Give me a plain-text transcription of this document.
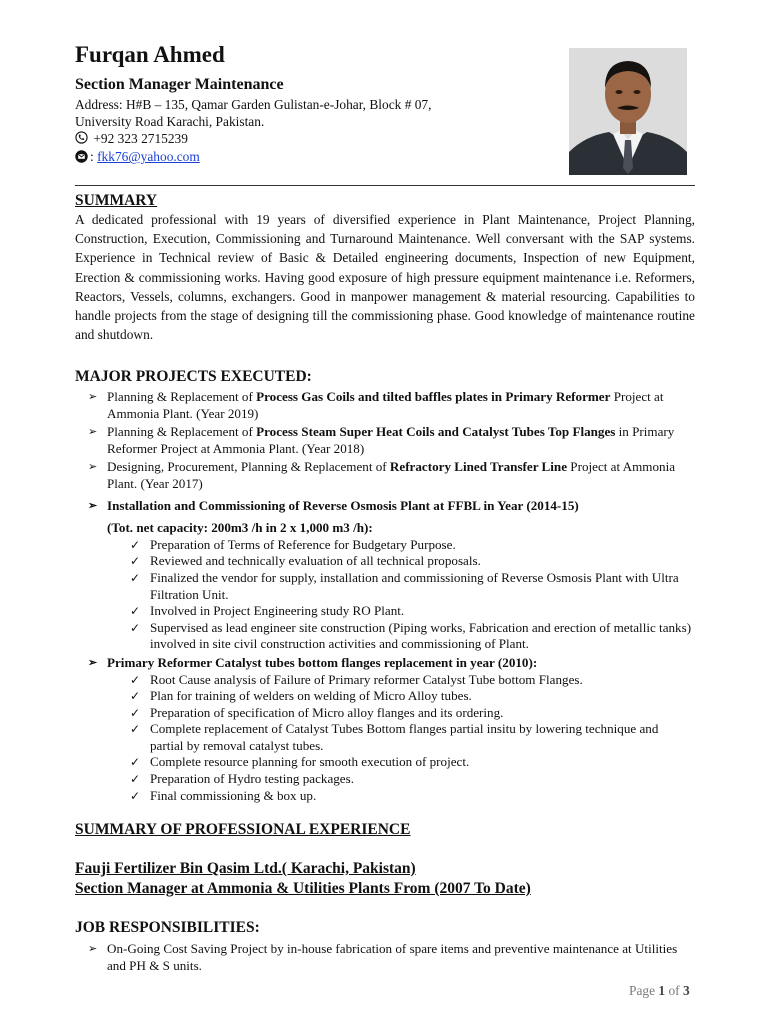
Furqan Ahmed
Section Manager Maintenance
Address: H#B – 135, Qamar Garden Gulistan-e-Johar, Block # 07,
University Road Karachi, Pakistan.
+92 323 2715239
: fkk76@yahoo.com
SUMMARY
A dedicated professional with 19 years of diversified experience in Plant Maintenance, Project Planning, Construction, Execution, Commissioning and Turnaround Maintenance. Well conversant with the SAP systems. Experience in Technical review of Basic & Detailed engineering documents, Inspection of new Equipment, Erection & commissioning works. Having good exposure of high pressure equipment maintenance i.e. Reformers, Reactors, Vessels, columns, exchangers. Good in manpower management & material resourcing. Capabilities to handle projects from the stage of designing till the commissioning phase. Good knowledge of maintenance routine and shutdown.
MAJOR PROJECTS EXECUTED:
➢ Planning & Replacement of Process Gas Coils and tilted baffles plates in Primary Reformer Project at Ammonia Plant. (Year 2019)
➢ Planning & Replacement of Process Steam Super Heat Coils and Catalyst Tubes Top Flanges in Primary Reformer Project at Ammonia Plant. (Year 2018)
➢ Designing, Procurement, Planning & Replacement of Refractory Lined Transfer Line Project at Ammonia Plant. (Year 2017)
➢ Installation and Commissioning of Reverse Osmosis Plant at FFBL in Year (2014-15)
(Tot. net capacity: 200m3 /h in 2 x 1,000 m3 /h):
✓ Preparation of Terms of Reference for Budgetary Purpose.
✓ Reviewed and technically evaluation of all technical proposals.
✓ Finalized the vendor for supply, installation and commissioning of Reverse Osmosis Plant with Ultra Filtration Unit.
✓ Involved in Project Engineering study RO Plant.
✓ Supervised as lead engineer site construction (Piping works, Fabrication and erection of metallic tanks) involved in site civil construction activities and commissioning of Plant.
➢ Primary Reformer Catalyst tubes bottom flanges replacement in year (2010):
✓ Root Cause analysis of Failure of Primary reformer Catalyst Tube bottom Flanges.
✓ Plan for training of welders on welding of Micro Alloy tubes.
✓ Preparation of specification of Micro alloy flanges and its ordering.
✓ Complete replacement of Catalyst Tubes Bottom flanges partial insitu by lowering technique and partial by removal catalyst tubes.
✓ Complete resource planning for smooth execution of project.
✓ Preparation of Hydro testing packages.
✓ Final commissioning & box up.
SUMMARY OF PROFESSIONAL EXPERIENCE
Fauji Fertilizer Bin Qasim Ltd.( Karachi, Pakistan)
Section Manager at Ammonia & Utilities Plants From (2007 To Date)
JOB RESPONSIBILITIES:
➢ On-Going Cost Saving Project by in-house fabrication of spare items and preventive maintenance at Utilities and PH & S units.
Page 1 of 3
